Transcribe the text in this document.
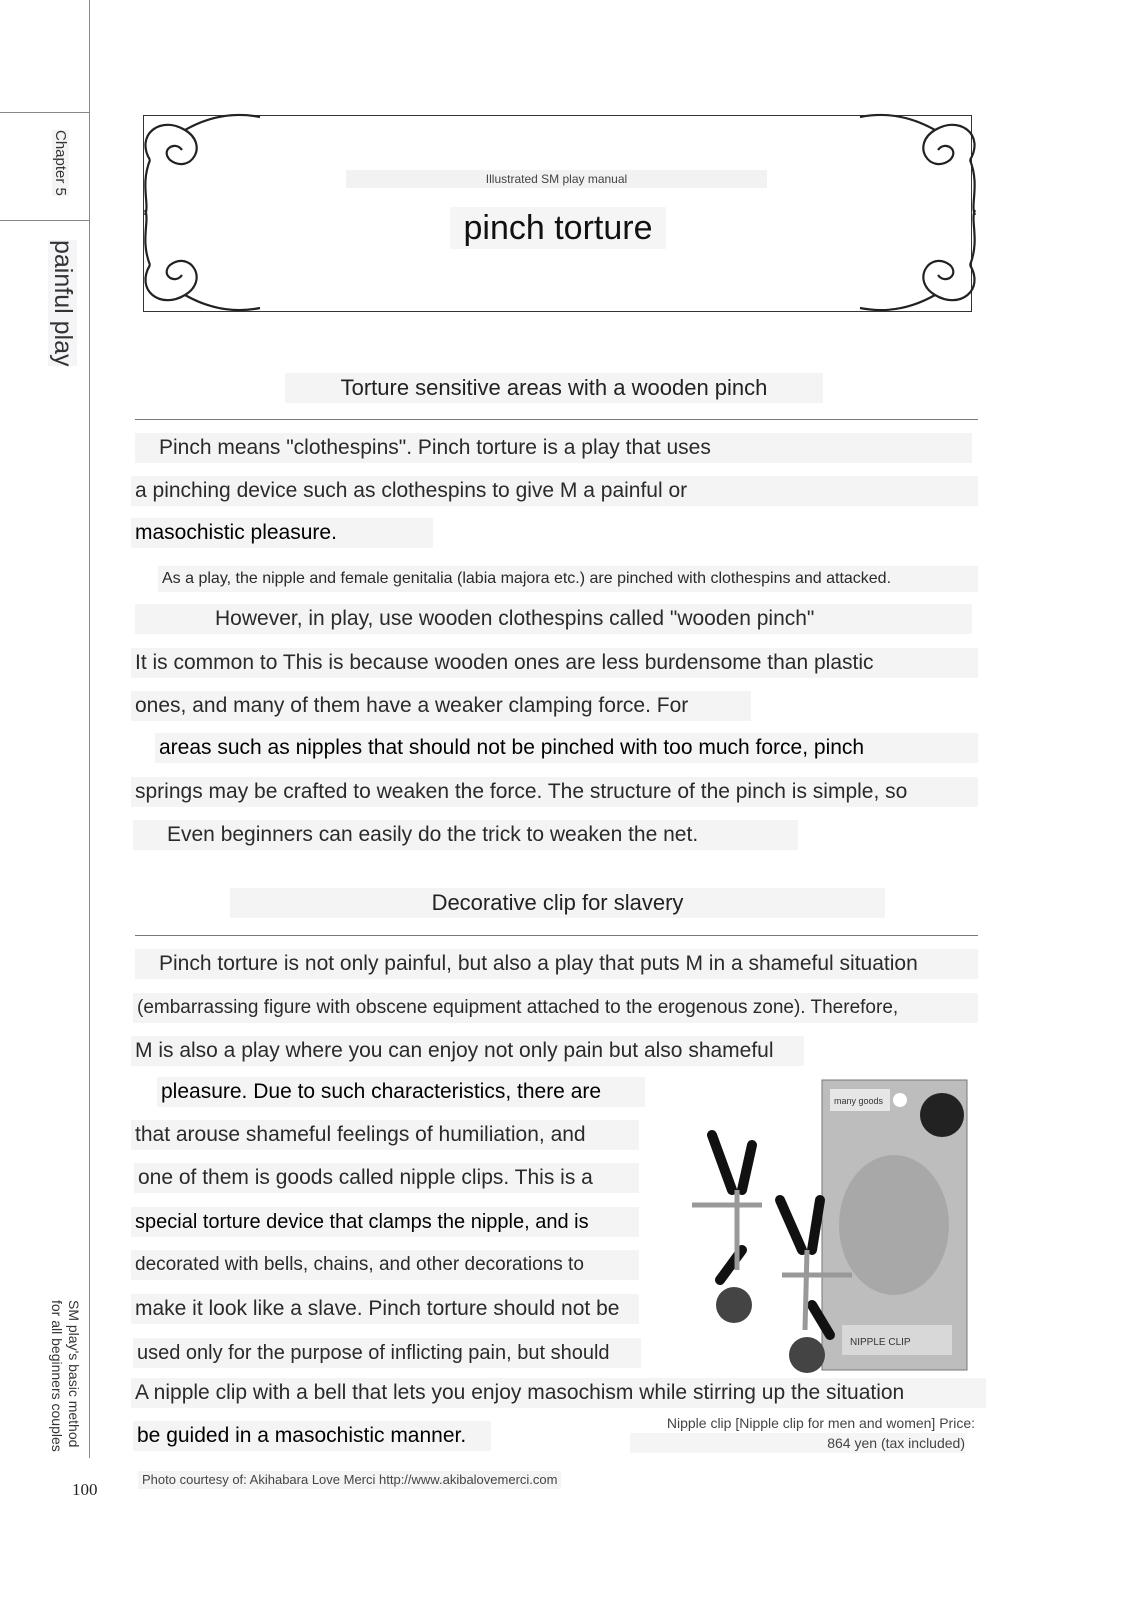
Chapter 5
painful play
SM play's basic method
for all beginners couples
100
Illustrated SM play manual
pinch torture
Torture sensitive areas with a wooden pinch
Pinch means "clothespins". Pinch torture is a play that uses
a pinching device such as clothespins to give M a painful or
masochistic pleasure.
As a play, the nipple and female genitalia (labia majora etc.) are pinched with clothespins and attacked.
However, in play, use wooden clothespins called "wooden pinch"
It is common to This is because wooden ones are less burdensome than plastic
ones, and many of them have a weaker clamping force. For
areas such as nipples that should not be pinched with too much force, pinch
springs may be crafted to weaken the force. The structure of the pinch is simple, so
Even beginners can easily do the trick to weaken the net.
Decorative clip for slavery
Pinch torture is not only painful, but also a play that puts M in a shameful situation
(embarrassing figure with obscene equipment attached to the erogenous zone). Therefore,
M is also a play where you can enjoy not only pain but also shameful
pleasure. Due to such characteristics, there are
that arouse shameful feelings of humiliation, and
one of them is goods called nipple clips. This is a
special torture device that clamps the nipple, and is
decorated with bells, chains, and other decorations to
make it look like a slave. Pinch torture should not be
used only for the purpose of inflicting pain, but should
A nipple clip with a bell that lets you enjoy masochism while stirring up the situation
be guided in a masochistic manner.
many goods
NIPPLE CLIP
Nipple clip [Nipple clip for men and women] Price:
864 yen (tax included)
Photo courtesy of: Akihabara Love Merci http://www.akibalovemerci.com
